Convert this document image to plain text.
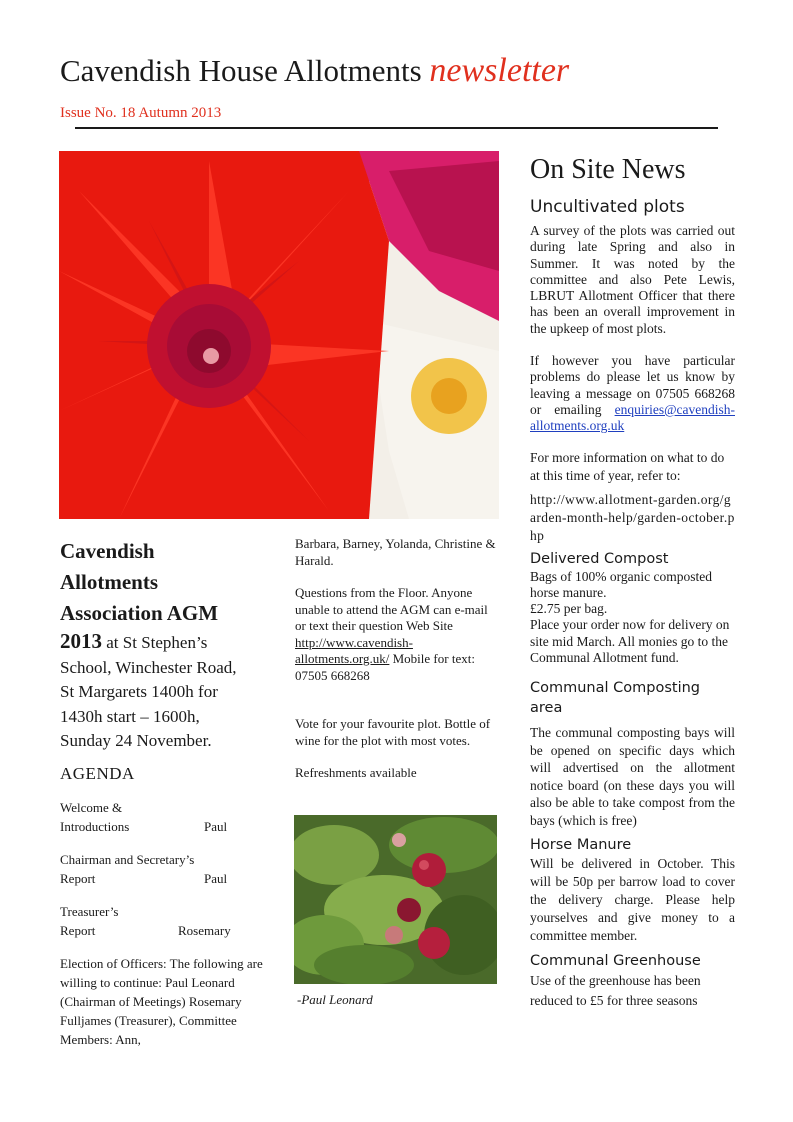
Cavendish House Allotments newsletter
Issue No. 18 Autumn 2013
Cavendish
Allotments
Association AGM
2013 at St Stephen’s
School, Winchester Road,
St Margarets 1400h for
1430h start – 1600h,
Sunday 24 November.
AGENDA
Welcome &
Introductions	Paul
Chairman and Secretary’s
Report	Paul
Treasurer’s
Report	Rosemary
Election of Officers: The following are willing to continue: Paul Leonard (Chairman of Meetings) Rosemary Fulljames (Treasurer), Committee Members: Ann,

Barbara, Barney, Yolanda, Christine & Harald.

Questions from the Floor. Anyone unable to attend the AGM can e-mail or text their question Web Site http://www.cavendish-allotments.org.uk/ Mobile for text: 07505 668268

Vote for your favourite plot. Bottle of wine for the plot with most votes.

Refreshments available

-Paul Leonard
On Site News
Uncultivated plots

A survey of the plots was carried out during late Spring and also in Summer. It was noted by the committee and also Pete Lewis, LBRUT Allotment Officer that there has been an overall improvement in the upkeep of most plots.

If however you have particular problems do please let us know by leaving a message on 07505 668268 or emailing enquiries@cavendish-allotments.org.uk

For more information on what to do at this time of year, refer to:

http://www.allotment-garden.org/garden-month-help/garden-october.php

Delivered Compost

Bags of 100% organic composted horse manure.
£2.75 per bag.
Place your order now for delivery on site mid March. All monies go to the Communal Allotment fund.

Communal Composting area

The communal composting bays will be opened on specific days which will advertised on the allotment notice board (on these days you will also be able to take compost from the bays (which is free)

Horse Manure

Will be delivered in October. This will be 50p per barrow load to cover the delivery charge. Please help yourselves and give money to a committee member.

Communal Greenhouse

Use of the greenhouse has been reduced to £5 for three seasons
